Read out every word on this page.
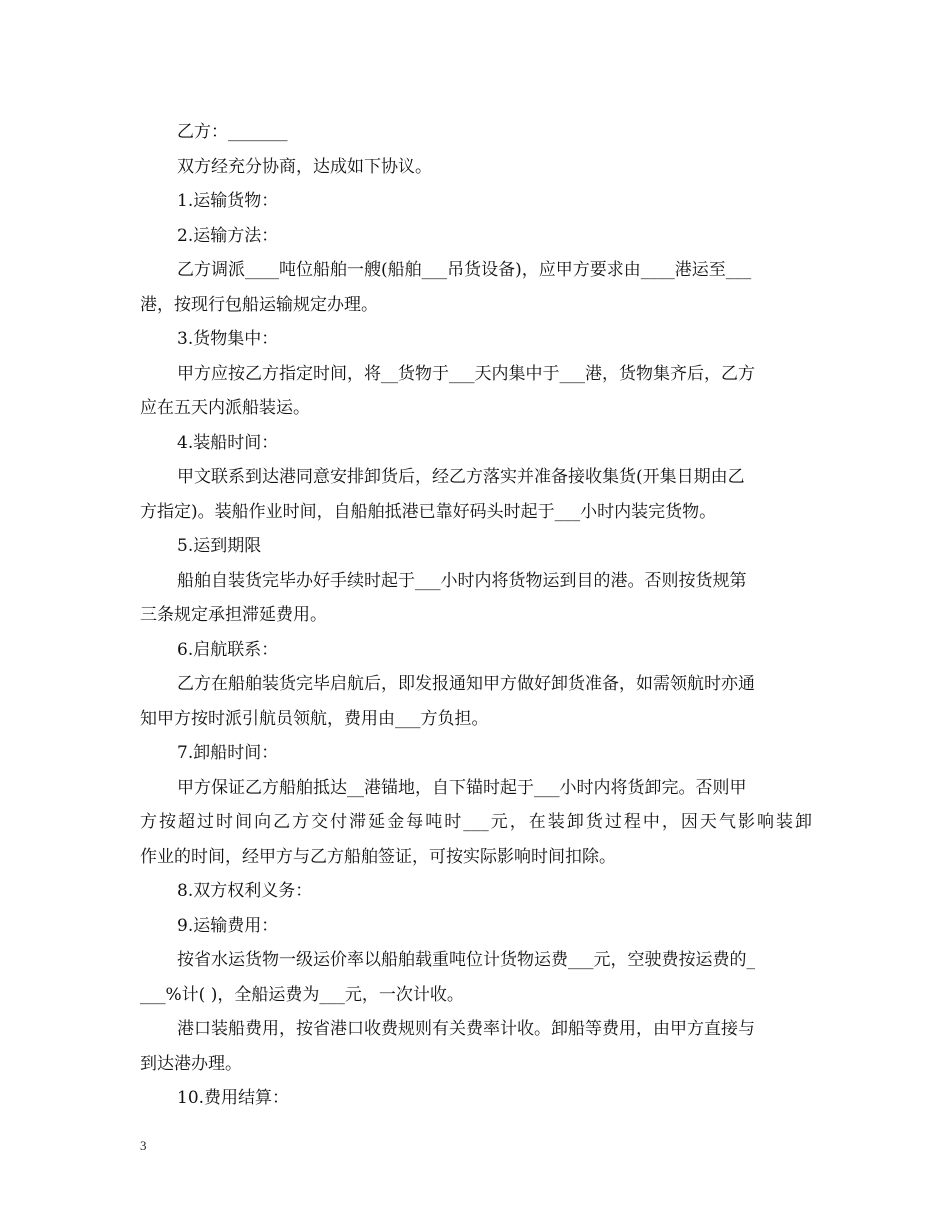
乙方：_______

双方经充分协商，达成如下协议。

1.运输货物：

2.运输方法：

乙方调派____吨位船舶一艘(船舶___吊货设备)，应甲方要求由____港运至___

港，按现行包船运输规定办理。

3.货物集中：

甲方应按乙方指定时间，将__货物于___天内集中于___港，货物集齐后，乙方

应在五天内派船装运。

4.装船时间：

甲文联系到达港同意安排卸货后，经乙方落实并准备接收集货(开集日期由乙

方指定)。装船作业时间，自船舶抵港已靠好码头时起于___小时内装完货物。

5.运到期限

船舶自装货完毕办好手续时起于___小时内将货物运到目的港。否则按货规第

三条规定承担滞延费用。

6.启航联系：

乙方在船舶装货完毕启航后，即发报通知甲方做好卸货准备，如需领航时亦通

知甲方按时派引航员领航，费用由___方负担。

7.卸船时间：

甲方保证乙方船舶抵达__港锚地，自下锚时起于___小时内将货卸完。否则甲

方按超过时间向乙方交付滞延金每吨时___元，在装卸货过程中，因天气影响装卸

作业的时间，经甲方与乙方船舶签证，可按实际影响时间扣除。

8.双方权利义务：

9.运输费用：

按省水运货物一级运价率以船舶载重吨位计货物运费___元，空驶费按运费的_

___%计( )，全船运费为___元，一次计收。

港口装船费用，按省港口收费规则有关费率计收。卸船等费用，由甲方直接与

到达港办理。

10.费用结算：

3
